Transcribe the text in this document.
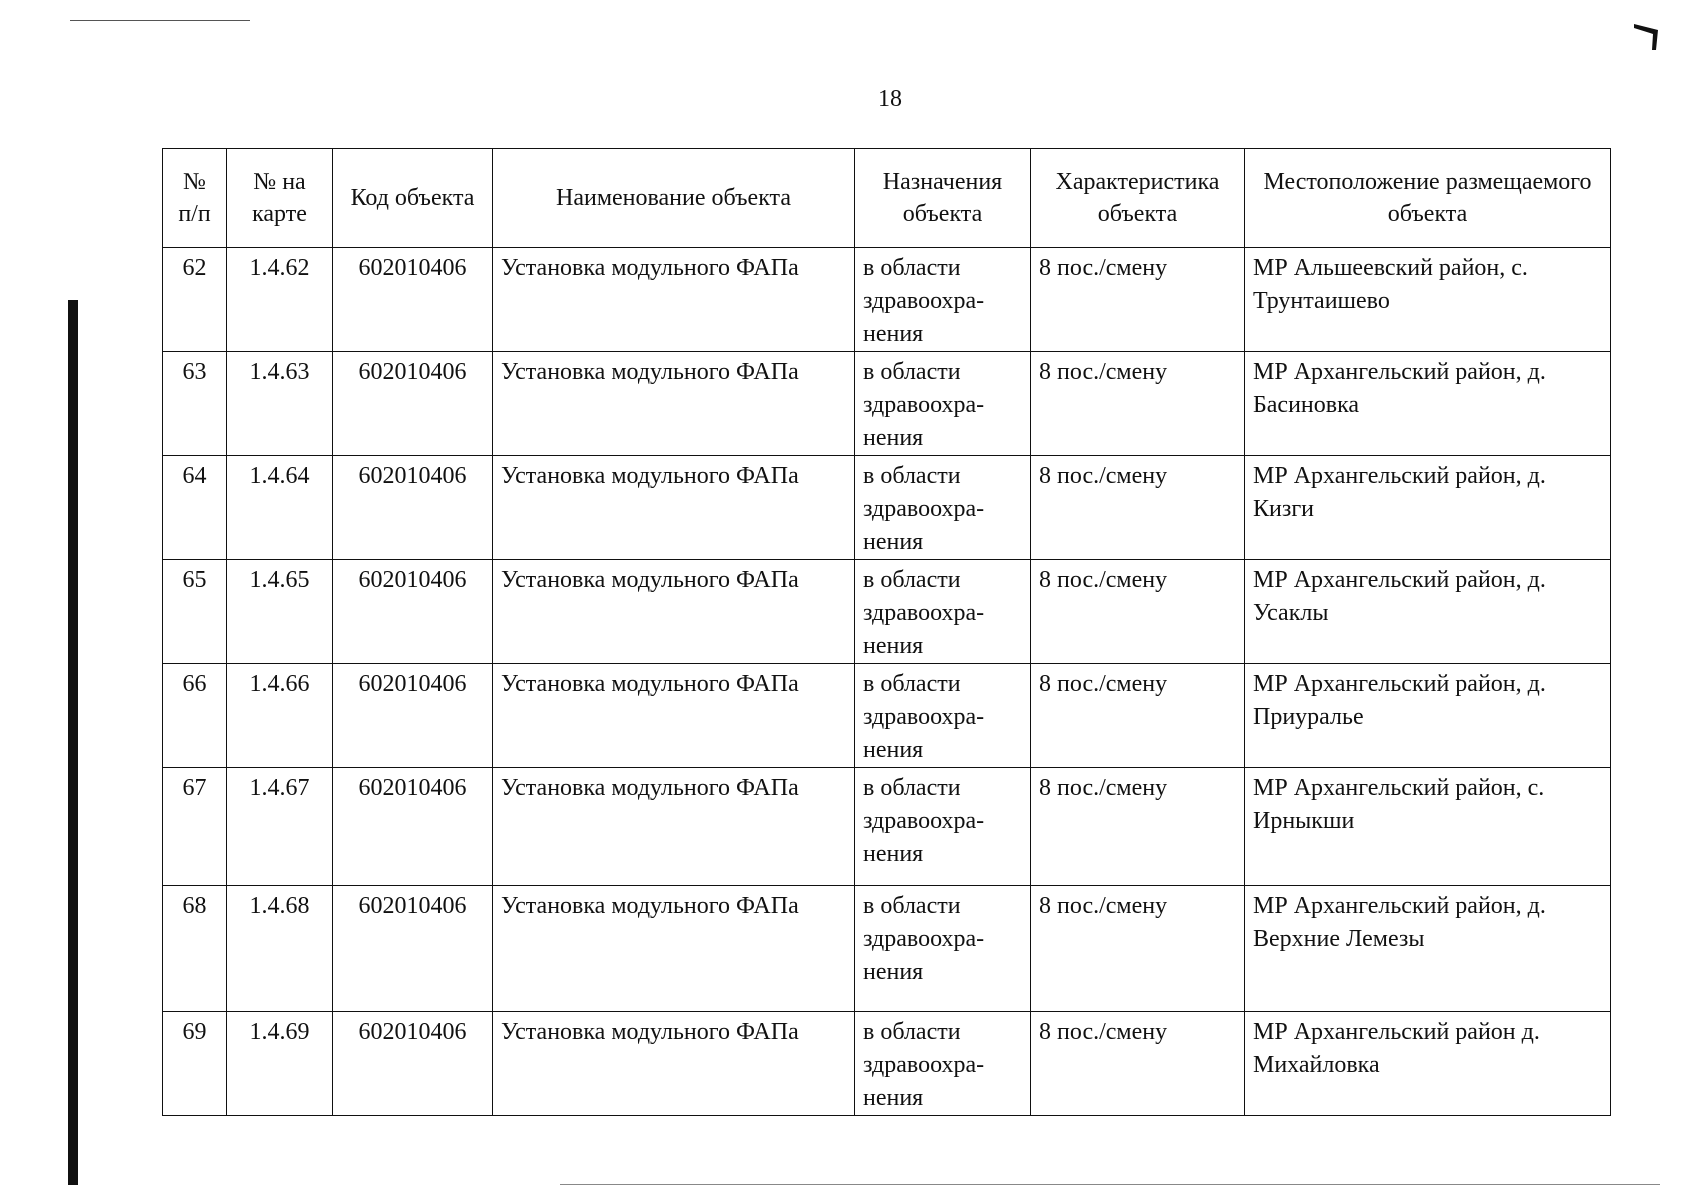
18
№ п/п	№ на карте	Код объекта	Наименование объекта	Назначения объекта	Характеристика объекта	Местоположение размещаемого объекта
62	1.4.62	602010406	Установка модульного ФАПа	в области здравоохра-нения	8 пос./смену	МР Альшеевский район, с. Трунтаишево
63	1.4.63	602010406	Установка модульного ФАПа	в области здравоохра-нения	8 пос./смену	МР Архангельский район, д. Басиновка
64	1.4.64	602010406	Установка модульного ФАПа	в области здравоохра-нения	8 пос./смену	МР Архангельский район, д. Кизги
65	1.4.65	602010406	Установка модульного ФАПа	в области здравоохра-нения	8 пос./смену	МР Архангельский район, д. Усаклы
66	1.4.66	602010406	Установка модульного ФАПа	в области здравоохра-нения	8 пос./смену	МР Архангельский район, д. Приуралье
67	1.4.67	602010406	Установка модульного ФАПа	в области здравоохра-нения	8 пос./смену	МР Архангельский район, с. Ирныкши
68	1.4.68	602010406	Установка модульного ФАПа	в области здравоохра-нения	8 пос./смену	МР Архангельский район, д. Верхние Лемезы
69	1.4.69	602010406	Установка модульного ФАПа	в области здравоохра-нения	8 пос./смену	МР Архангельский район д. Михайловка
